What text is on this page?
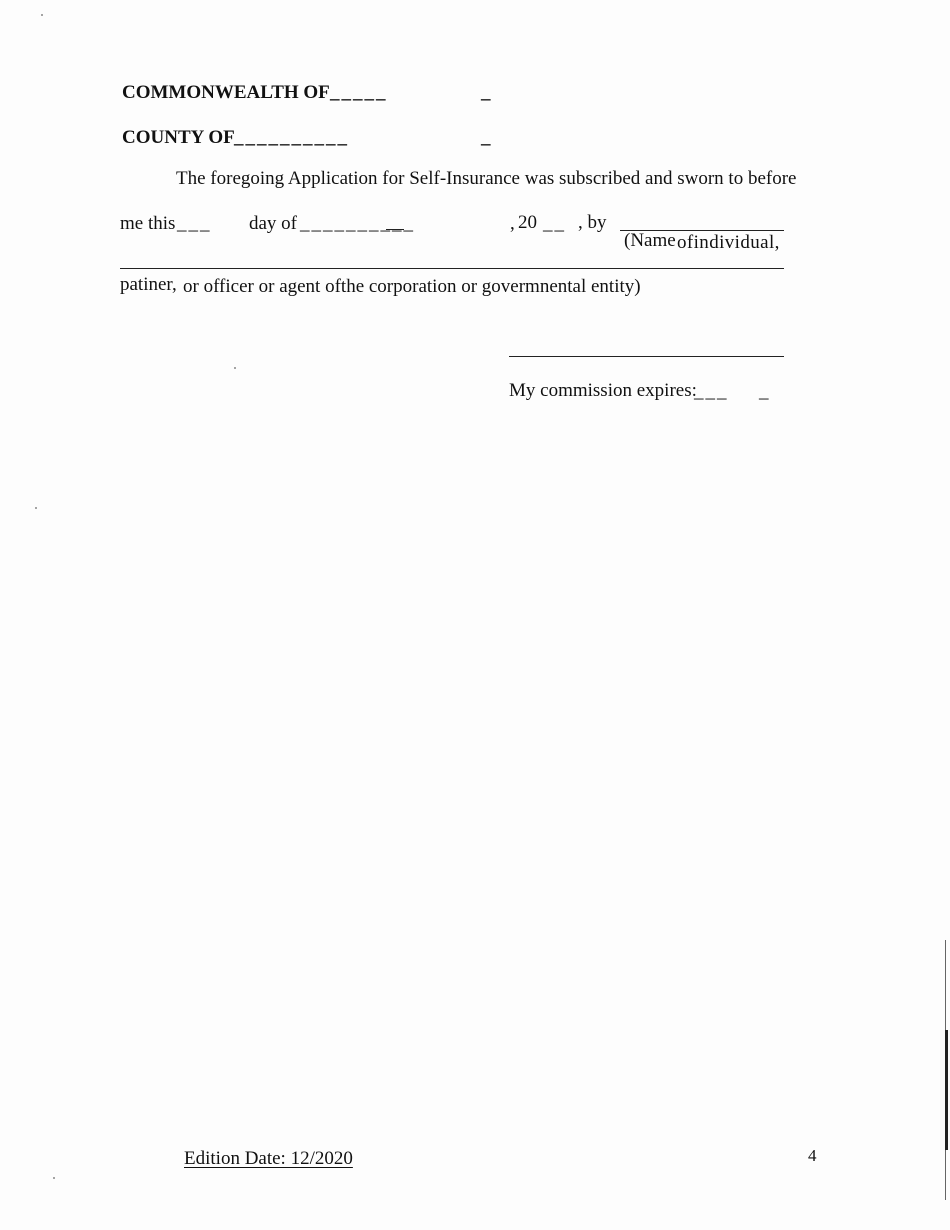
COMMONWEALTH OF _____	_
COUNTY OF __________	_
The foregoing Application for Self-Insurance was subscribed and sworn to before
me this ___ day of __________	, 20 __ , by
(Name ofindividual,
patiner, or officer or agent ofthe corporation or govermnental entity)
My commission expires:
___ _
Edition Date: 12/2020	4
